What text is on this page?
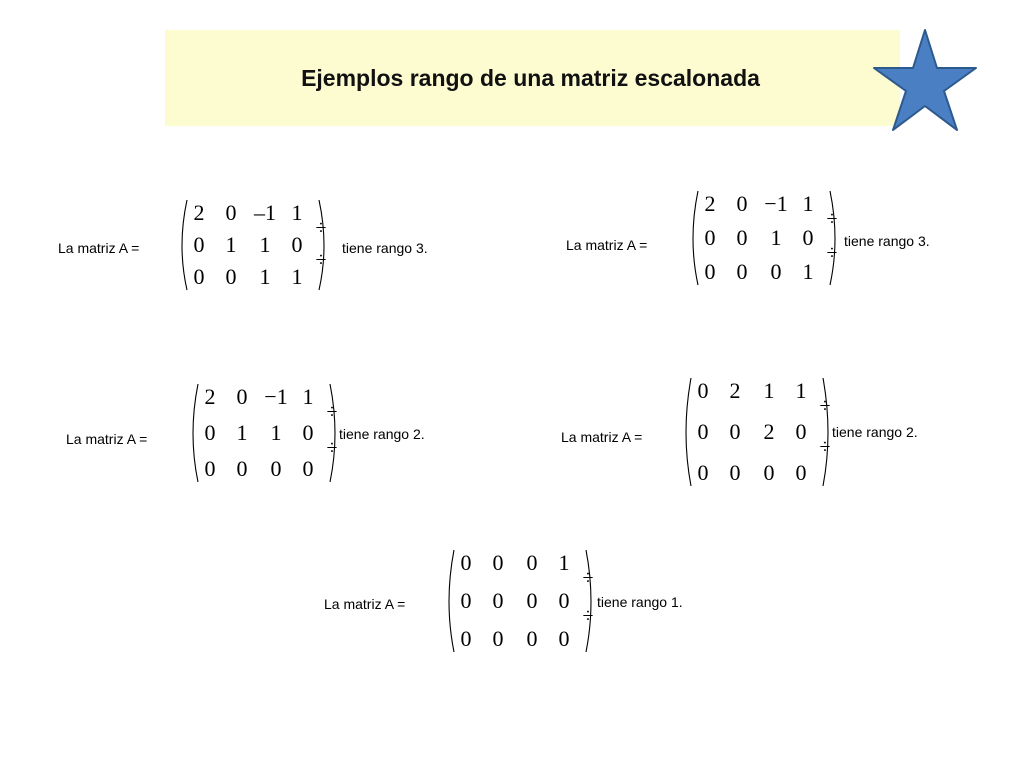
Ejemplos rango de una matriz escalonada
La matriz A =
2 0 –1 1
0 1 1 0
0 0 1 1
÷
÷
tiene rango 3.	La matriz A =
2 0 −1 1
0 0 1 0
0 0 0 1
÷
÷
tiene rango 3.
La matriz A =
2 0 −1 1
0 1 1 0
0 0 0 0
÷
÷
tiene rango 2.	La matriz A =
0 2 1 1
0 0 2 0
0 0 0 0
÷
÷
tiene rango 2.
La matriz A =
0 0 0 1
0 0 0 0
0 0 0 0
÷
÷
tiene rango 1.
